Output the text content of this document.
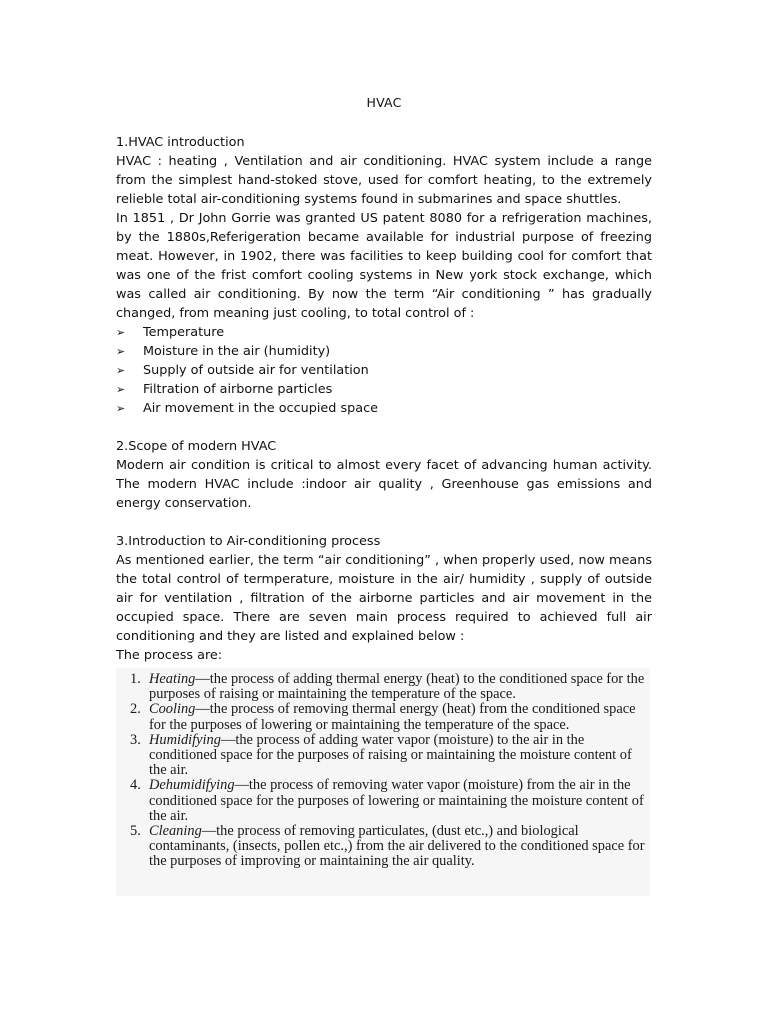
HVAC

1.HVAC introduction

HVAC : heating , Ventilation and air conditioning. HVAC system include a range from the simplest hand-stoked stove, used for comfort heating, to the extremely relieble total air-conditioning systems found in submarines and space shuttles.

In 1851 , Dr John Gorrie was granted US patent 8080 for a refrigeration machines, by the 1880s,Referigeration became available for industrial purpose of freezing meat. However, in 1902, there was facilities to keep building cool for comfort that was one of the frist comfort cooling systems in New york stock exchange, which was called air conditioning. By now the term “Air conditioning ” has gradually changed, from meaning just cooling, to total control of :

➢ Temperature
➢ Moisture in the air (humidity)
➢ Supply of outside air for ventilation
➢ Filtration of airborne particles
➢ Air movement in the occupied space

2.Scope of modern HVAC

Modern air condition is critical to almost every facet of advancing human activity. The modern HVAC include :indoor air quality , Greenhouse gas emissions and energy conservation.

3.Introduction to Air-conditioning process

As mentioned earlier, the term “air conditioning” , when properly used, now means the total control of termperature, moisture in the air/ humidity , supply of outside air for ventilation , filtration of the airborne particles and air movement in the occupied space. There are seven main process required to achieved full air conditioning and they are listed and explained below :

The process are:

1. Heating—the process of adding thermal energy (heat) to the conditioned space for the purposes of raising or maintaining the temperature of the space.
2. Cooling—the process of removing thermal energy (heat) from the conditioned space for the purposes of lowering or maintaining the temperature of the space.
3. Humidifying—the process of adding water vapor (moisture) to the air in the conditioned space for the purposes of raising or maintaining the moisture content of the air.
4. Dehumidifying—the process of removing water vapor (moisture) from the air in the conditioned space for the purposes of lowering or maintaining the moisture content of the air.
5. Cleaning—the process of removing particulates, (dust etc.,) and biological contaminants, (insects, pollen etc.,) from the air delivered to the conditioned space for the purposes of improving or maintaining the air quality.
